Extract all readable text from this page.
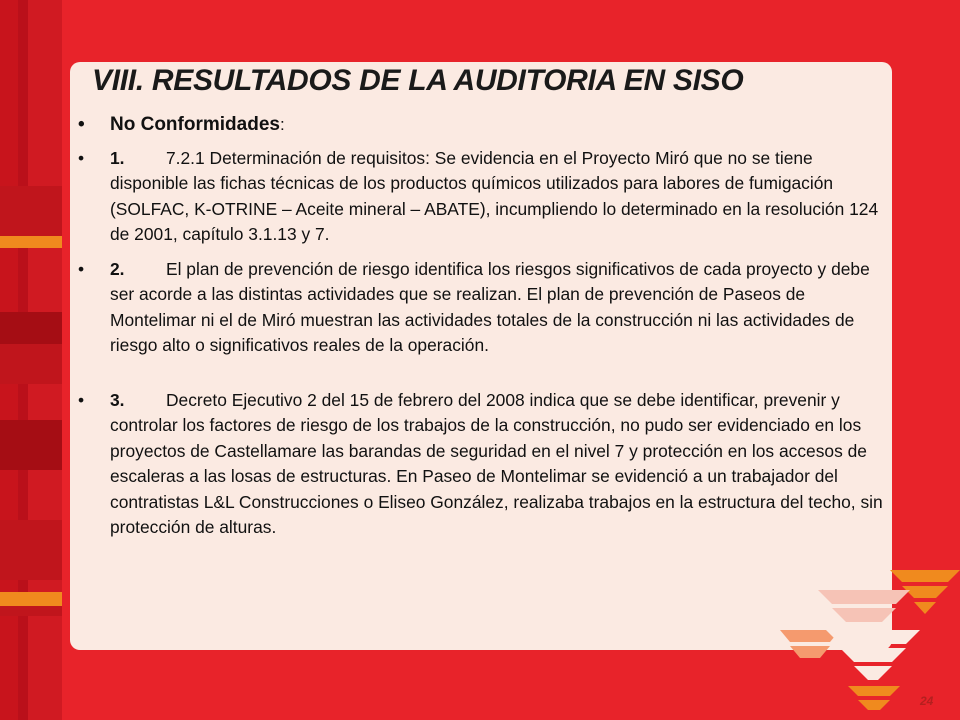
VIII. RESULTADOS DE LA AUDITORIA EN SISO
• No Conformidades:
• 1. 7.2.1 Determinación de requisitos: Se evidencia en el Proyecto Miró que no se tiene disponible las fichas técnicas de los productos químicos utilizados para labores de fumigación (SOLFAC, K-OTRINE – Aceite mineral – ABATE), incumpliendo lo determinado en la resolución 124 de 2001, capítulo 3.1.13 y 7.
• 2. El plan de prevención de riesgo identifica los riesgos significativos de cada proyecto y debe ser acorde a las distintas actividades que se realizan. El plan de prevención de Paseos de Montelimar ni el de Miró muestran las actividades totales de la construcción ni las actividades de riesgo alto o significativos reales de la operación.
• 3. Decreto Ejecutivo 2 del 15 de febrero del 2008 indica que se debe identificar, prevenir y controlar los factores de riesgo de los trabajos de la construcción, no pudo ser evidenciado en los proyectos de Castellamare las barandas de seguridad en el nivel 7 y protección en los accesos de escaleras a las losas de estructuras. En Paseo de Montelimar se evidenció a un trabajador del contratistas L&L Construcciones o Eliseo González, realizaba trabajos en la estructura del techo, sin protección de alturas.
24
